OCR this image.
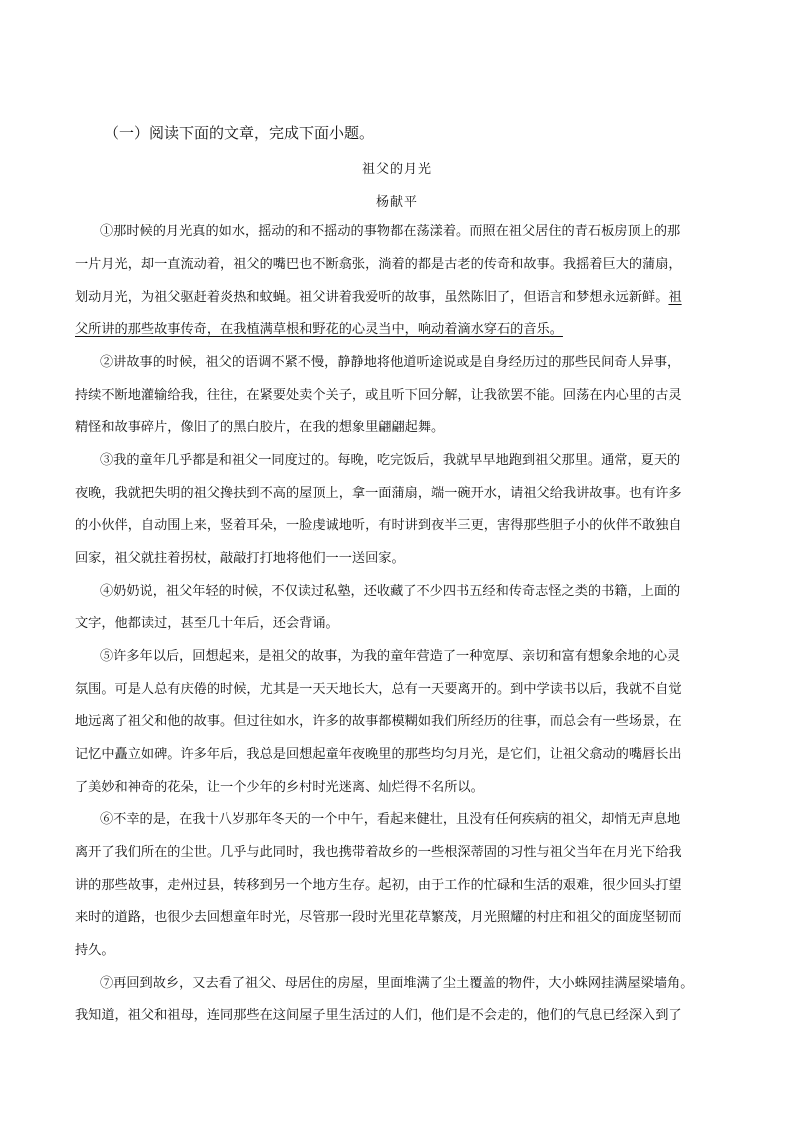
（一）阅读下面的文章，完成下面小题。
祖父的月光
杨献平
①那时候的月光真的如水，摇动的和不摇动的事物都在荡漾着。而照在祖父居住的青石板房顶上的那
一片月光，却一直流动着，祖父的嘴巴也不断翕张，淌着的都是古老的传奇和故事。我摇着巨大的蒲扇，
划动月光，为祖父驱赶着炎热和蚊蝇。祖父讲着我爱听的故事，虽然陈旧了，但语言和梦想永远新鲜。祖
父所讲的那些故事传奇，在我植满草根和野花的心灵当中，响动着滴水穿石的音乐。
②讲故事的时候，祖父的语调不紧不慢，静静地将他道听途说或是自身经历过的那些民间奇人异事，
持续不断地灌输给我，往往，在紧要处卖个关子，或且听下回分解，让我欲罢不能。回荡在内心里的古灵
精怪和故事碎片，像旧了的黑白胶片，在我的想象里翩翩起舞。
③我的童年几乎都是和祖父一同度过的。每晚，吃完饭后，我就早早地跑到祖父那里。通常，夏天的
夜晚，我就把失明的祖父搀扶到不高的屋顶上，拿一面蒲扇，端一碗开水，请祖父给我讲故事。也有许多
的小伙伴，自动围上来，竖着耳朵，一脸虔诚地听，有时讲到夜半三更，害得那些胆子小的伙伴不敢独自
回家，祖父就拄着拐杖，敲敲打打地将他们一一送回家。
④奶奶说，祖父年轻的时候，不仅读过私塾，还收藏了不少四书五经和传奇志怪之类的书籍，上面的
文字，他都读过，甚至几十年后，还会背诵。
⑤许多年以后，回想起来，是祖父的故事，为我的童年营造了一种宽厚、亲切和富有想象余地的心灵
氛围。可是人总有庆倦的时候，尤其是一天天地长大，总有一天要离开的。到中学读书以后，我就不自觉
地远离了祖父和他的故事。但过往如水，许多的故事都模糊如我们所经历的往事，而总会有一些场景，在
记忆中矗立如碑。许多年后，我总是回想起童年夜晚里的那些均匀月光，是它们，让祖父翕动的嘴唇长出
了美妙和神奇的花朵，让一个少年的乡村时光迷离、灿烂得不名所以。
⑥不幸的是，在我十八岁那年冬天的一个中午，看起来健壮，且没有任何疾病的祖父，却悄无声息地
离开了我们所在的尘世。几乎与此同时，我也携带着故乡的一些根深蒂固的习性与祖父当年在月光下给我
讲的那些故事，走州过县，转移到另一个地方生存。起初，由于工作的忙碌和生活的艰难，很少回头打望
来时的道路，也很少去回想童年时光，尽管那一段时光里花草繁茂，月光照耀的村庄和祖父的面庞坚韧而
持久。
⑦再回到故乡，又去看了祖父、母居住的房屋，里面堆满了尘土覆盖的物件，大小蛛网挂满屋梁墙角。
我知道，祖父和祖母，连同那些在这间屋子里生活过的人们，他们是不会走的，他们的气息已经深入到了
